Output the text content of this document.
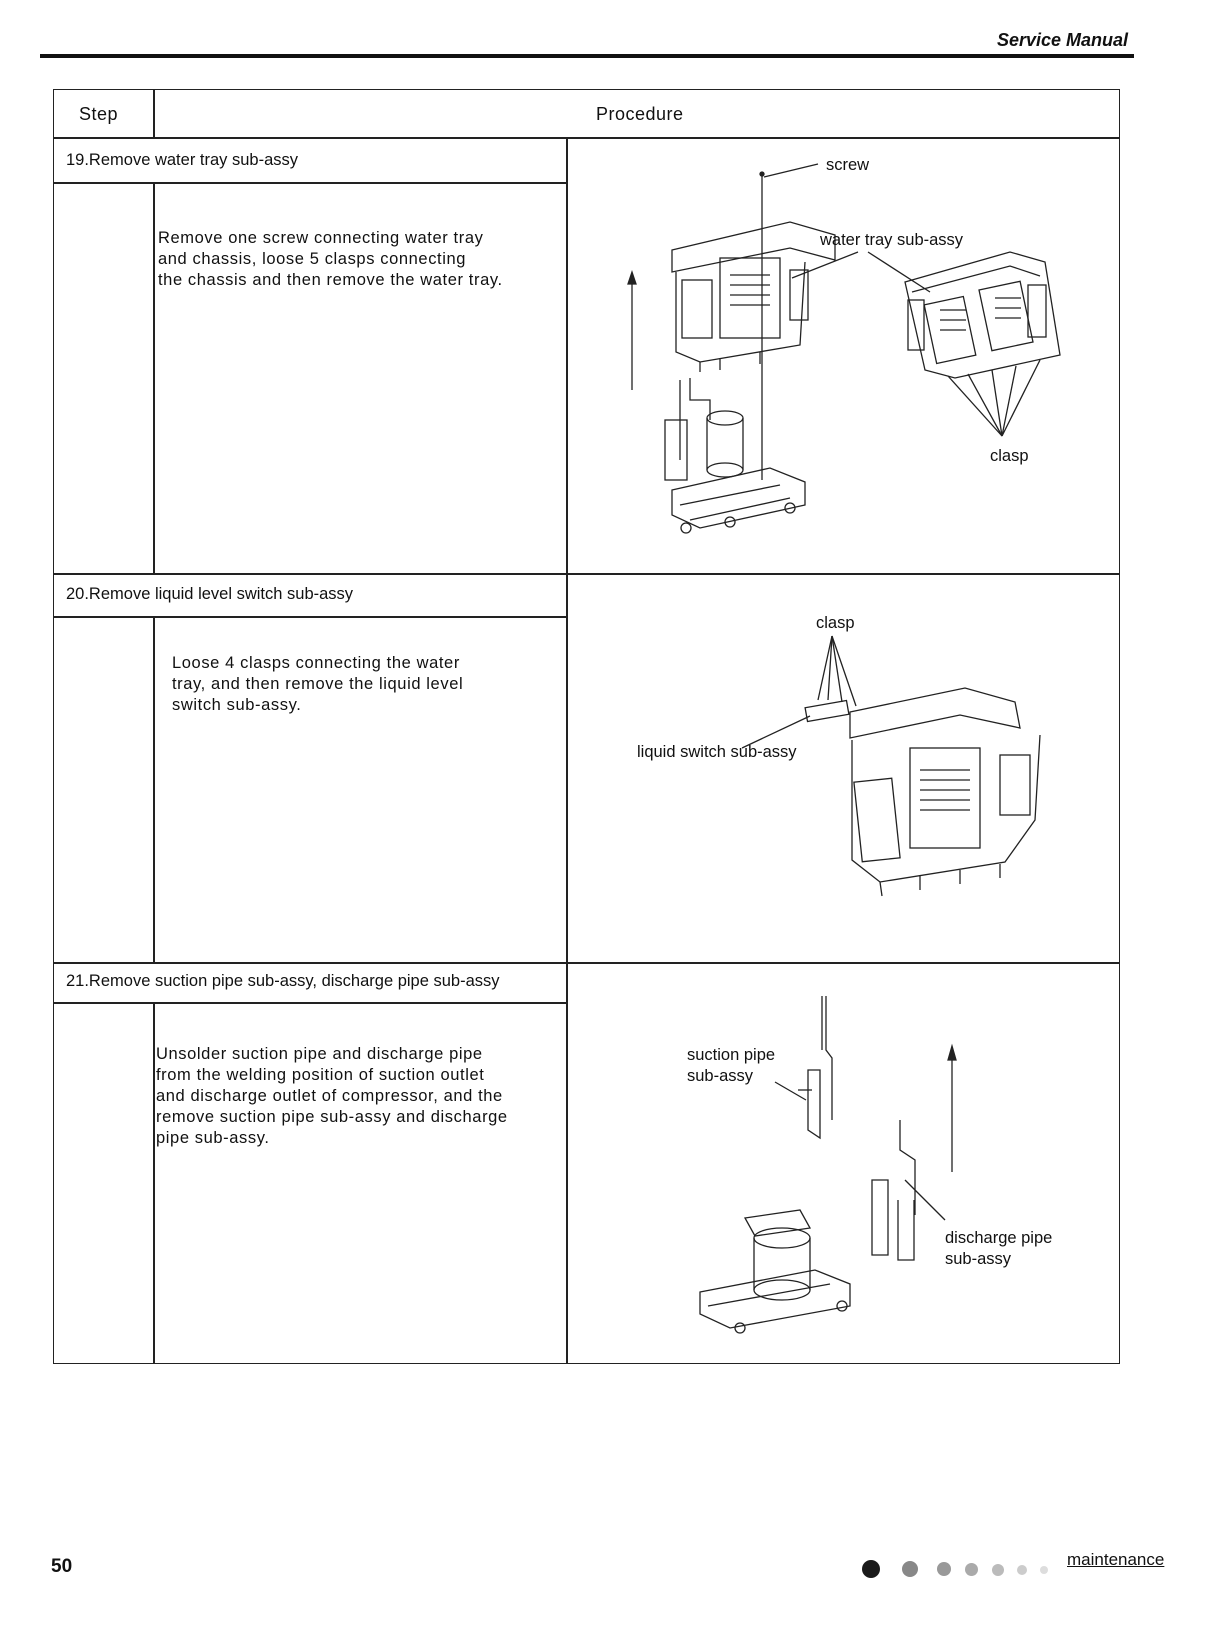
Service Manual
Step	Procedure
19.Remove water tray sub-assy
20.Remove liquid level switch sub-assy
21.Remove suction pipe sub-assy, discharge pipe sub-assy
Remove one screw connecting water tray
and chassis, loose 5 clasps connecting
the chassis and then remove the water tray.
Loose 4 clasps connecting the water
tray, and then remove the liquid level
switch sub-assy.
Unsolder suction pipe and discharge pipe
from the welding position of suction outlet
and discharge outlet of compressor, and the
remove suction pipe sub-assy and discharge
pipe sub-assy.
screw
water tray sub-assy
clasp
clasp
liquid switch sub-assy
suction pipe
sub-assy
discharge pipe
sub-assy
50	maintenance
